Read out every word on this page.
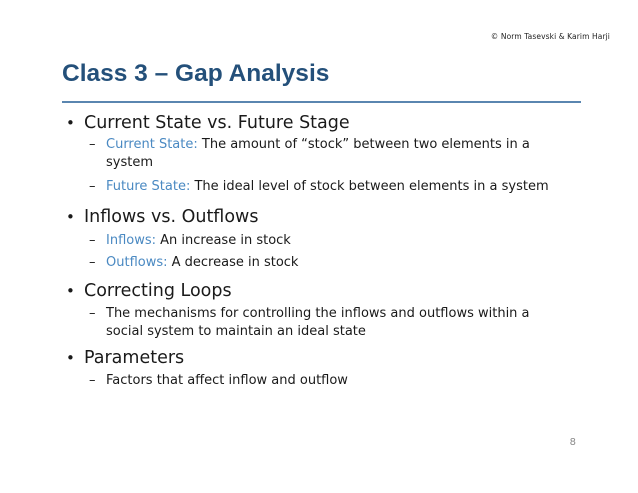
© Norm Tasevski & Karim Harji
Class 3 – Gap Analysis
• Current State vs. Future Stage
– Current State: The amount of “stock” between two elements in a system
– Future State: The ideal level of stock between elements in a system
• Inflows vs. Outflows
– Inflows: An increase in stock
– Outflows: A decrease in stock
• Correcting Loops
– The mechanisms for controlling the inflows and outflows within a social system to maintain an ideal state
• Parameters
– Factors that affect inflow and outflow
8
